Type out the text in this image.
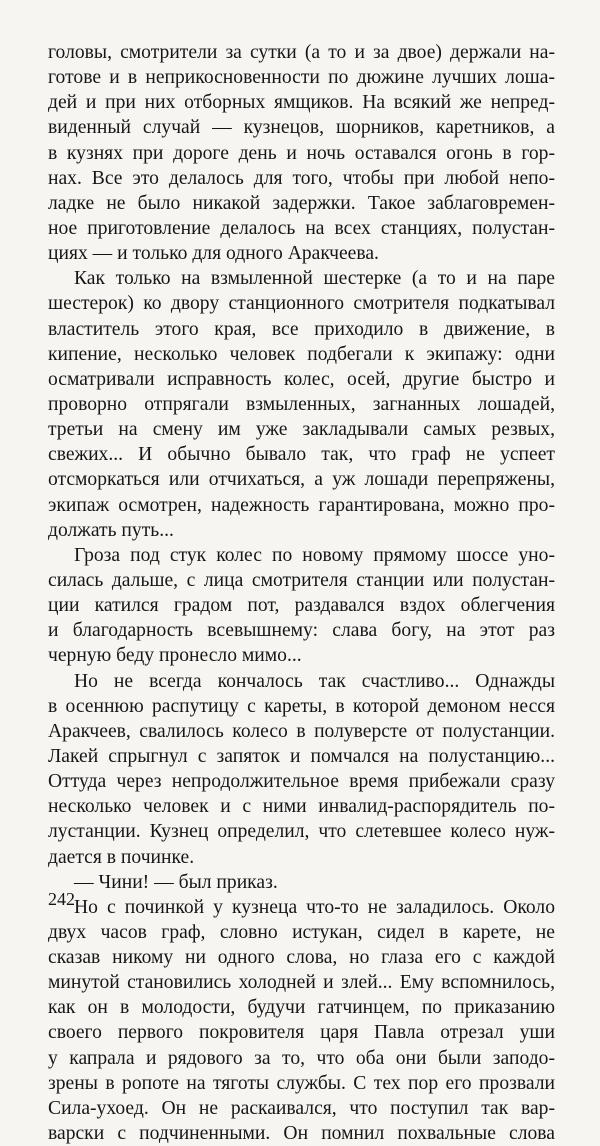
головы, смотрители за сутки (а то и за двое) держали на-
готове и в неприкосновенности по дюжине лучших лоша-
дей и при них отборных ямщиков. На всякий же непред-
виденный случай — кузнецов, шорников, каретников, а
в кузнях при дороге день и ночь оставался огонь в гор-
нах. Все это делалось для того, чтобы при любой непо-
ладке не было никакой задержки. Такое заблаговремен-
ное приготовление делалось на всех станциях, полустан-
циях — и только для одного Аракчеева.
Как только на взмыленной шестерке (а то и на паре
шестерок) ко двору станционного смотрителя подкатывал
властитель этого края, все приходило в движение, в
кипение, несколько человек подбегали к экипажу: одни
осматривали исправность колес, осей, другие быстро и
проворно отпрягали взмыленных, загнанных лошадей,
третьи на смену им уже закладывали самых резвых,
свежих... И обычно бывало так, что граф не успеет
отсморкаться или отчихаться, а уж лошади перепряжены,
экипаж осмотрен, надежность гарантирована, можно про-
должать путь...
Гроза под стук колес по новому прямому шоссе уно-
силась дальше, с лица смотрителя станции или полустан-
ции катился градом пот, раздавался вздох облегчения
и благодарность всевышнему: слава богу, на этот раз
черную беду пронесло мимо...
Но не всегда кончалось так счастливо... Однажды
в осеннюю распутицу с кареты, в которой демоном несся
Аракчеев, свалилось колесо в полуверсте от полустанции.
Лакей спрыгнул с запяток и помчался на полустанцию...
Оттуда через непродолжительное время прибежали сразу
несколько человек и с ними инвалид-распорядитель по-
лустанции. Кузнец определил, что слетевшее колесо нуж-
дается в починке.
— Чини! — был приказ.
Но с починкой у кузнеца что-то не заладилось. Около
двух часов граф, словно истукан, сидел в карете, не
сказав никому ни одного слова, но глаза его с каждой
минутой становились холодней и злей... Ему вспомнилось,
как он в молодости, будучи гатчинцем, по приказанию
своего первого покровителя царя Павла отрезал уши
у капрала и рядового за то, что оба они были заподо-
зрены в ропоте на тяготы службы. С тех пор его прозвали
Сила-ухоед. Он не раскаивался, что поступил так вар-
варски с подчиненными. Он помнил похвальные слова
242
